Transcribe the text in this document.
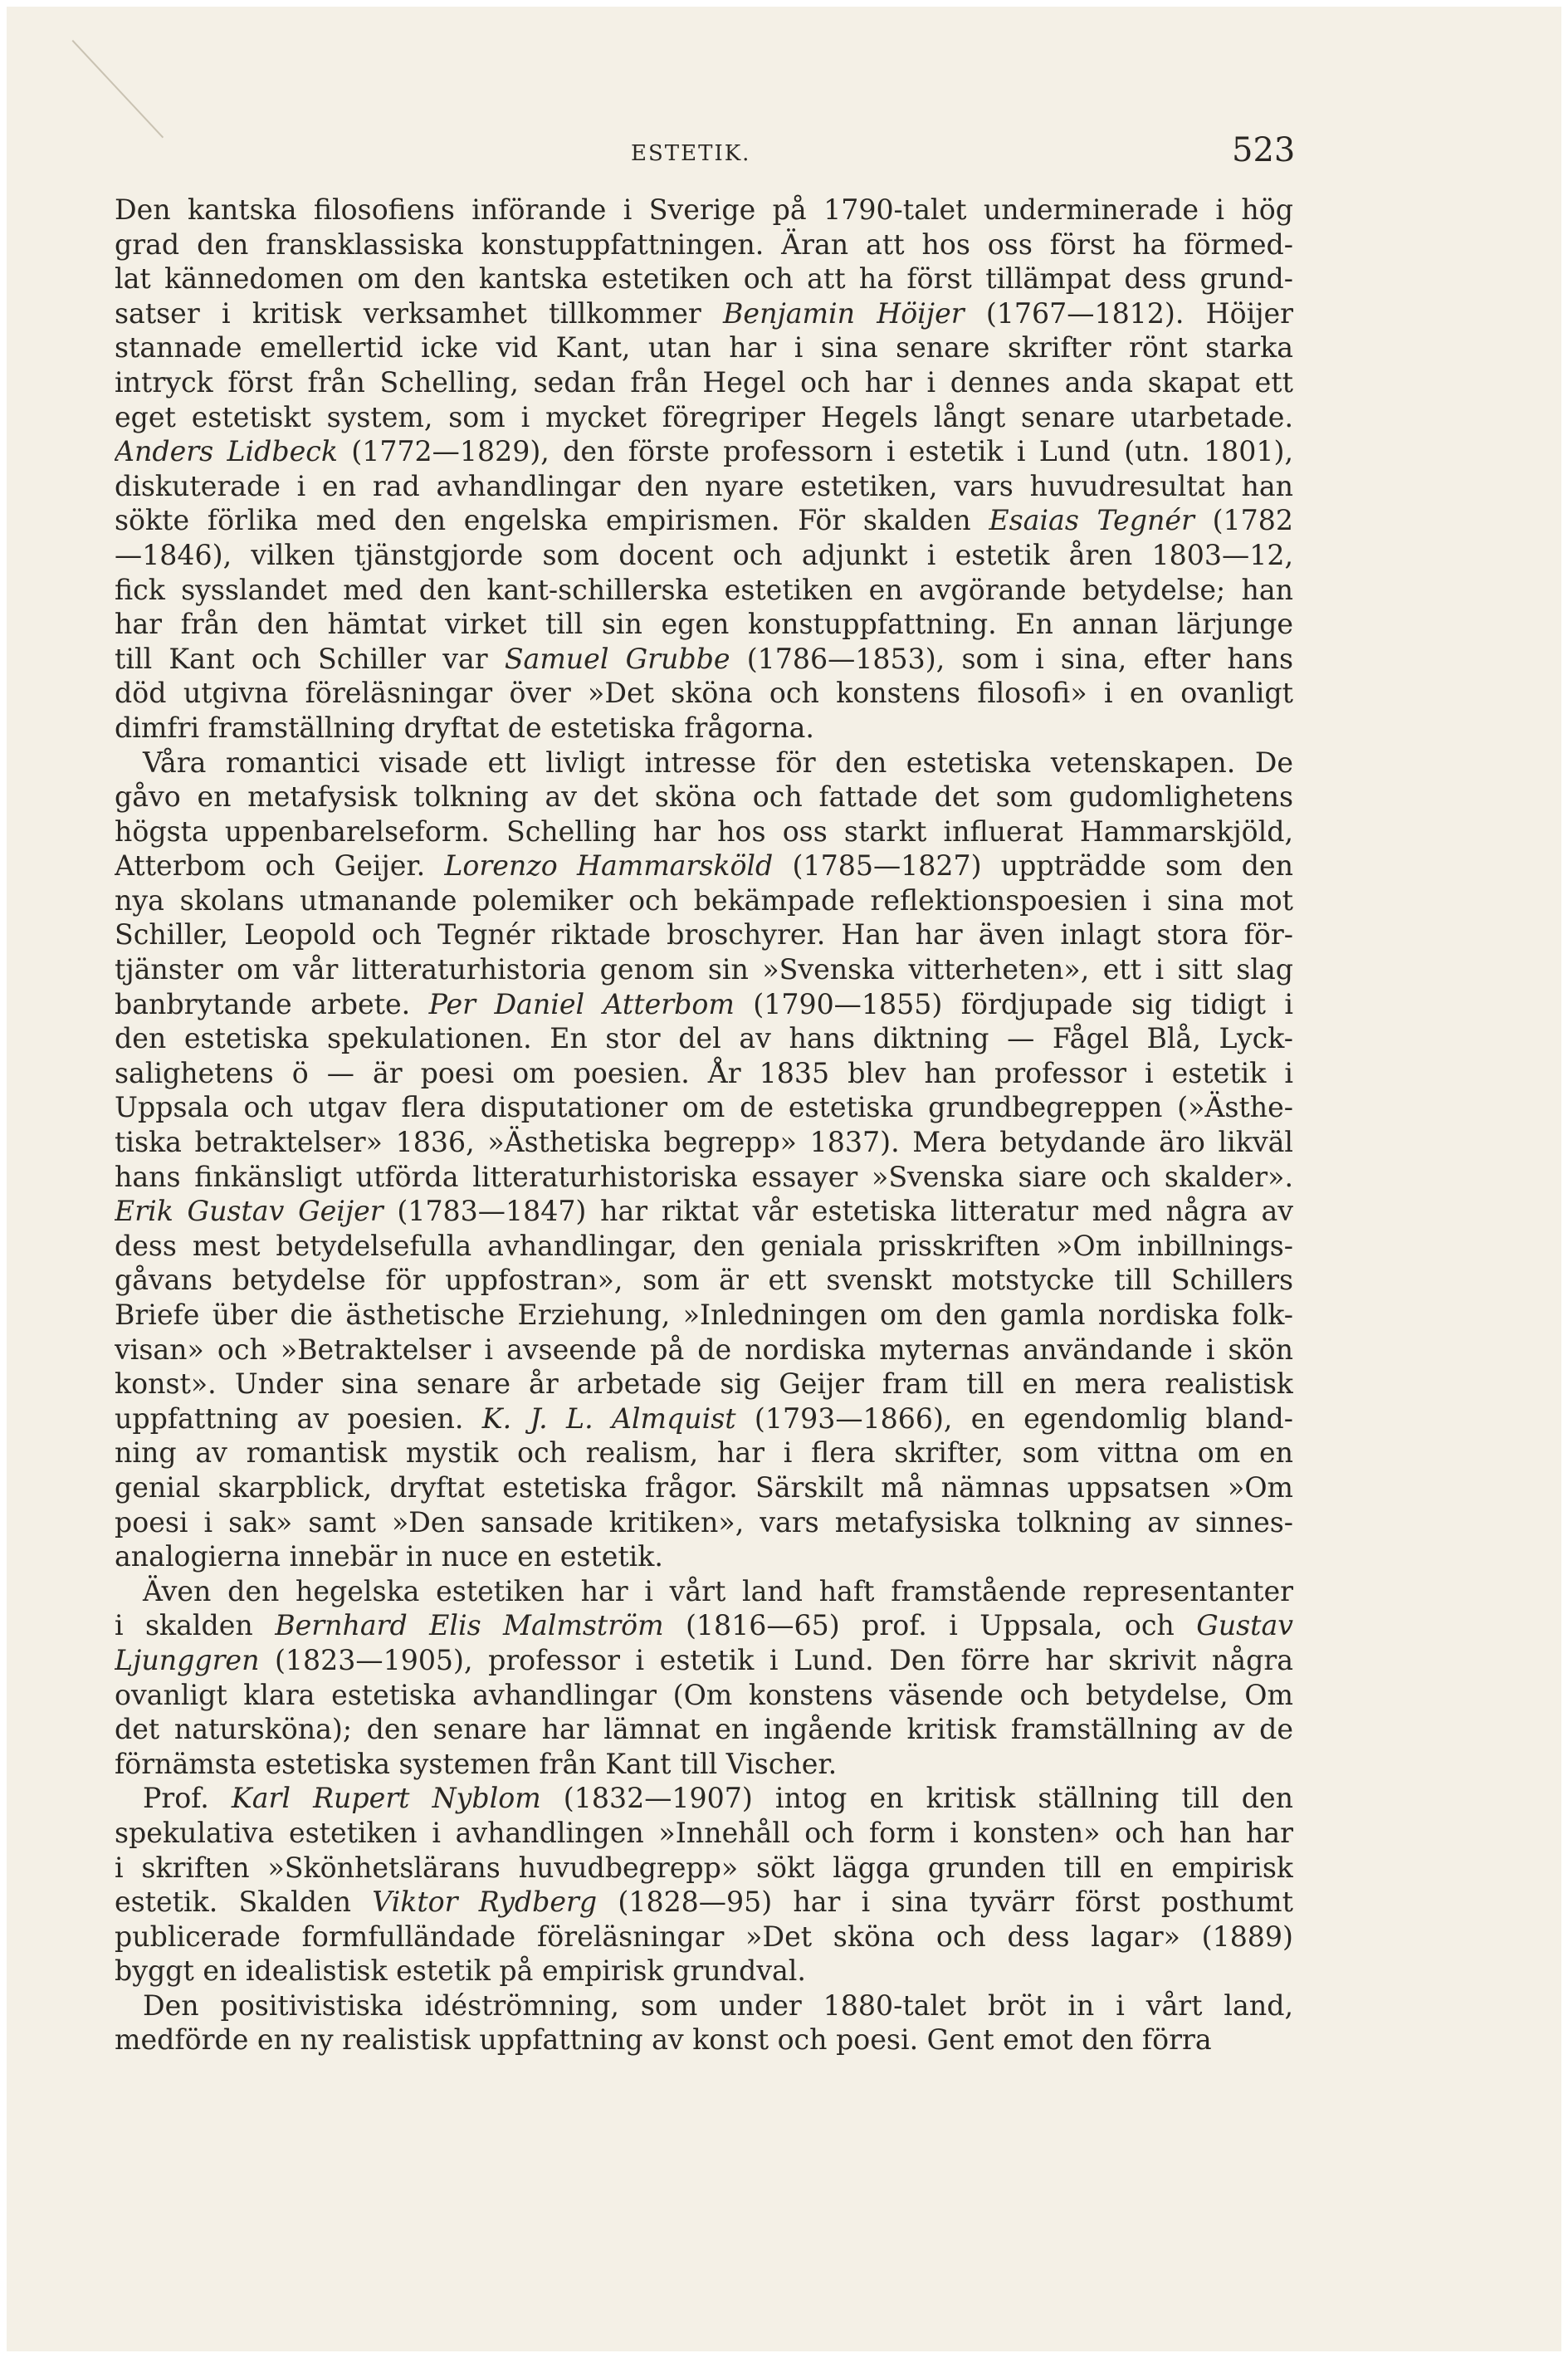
ESTETIK.	523
Den kantska filosofiens införande i Sverige på 1790-talet underminerade i hög
grad den fransklassiska konstuppfattningen. Äran att hos oss först ha förmed-
lat kännedomen om den kantska estetiken och att ha först tillämpat dess grund-
satser i kritisk verksamhet tillkommer Benjamin Höijer (1767—1812). Höijer
stannade emellertid icke vid Kant, utan har i sina senare skrifter rönt starka
intryck först från Schelling, sedan från Hegel och har i dennes anda skapat ett
eget estetiskt system, som i mycket föregriper Hegels långt senare utarbetade.
Anders Lidbeck (1772—1829), den förste professorn i estetik i Lund (utn. 1801),
diskuterade i en rad avhandlingar den nyare estetiken, vars huvudresultat han
sökte förlika med den engelska empirismen. För skalden Esaias Tegnér (1782
—1846), vilken tjänstgjorde som docent och adjunkt i estetik åren 1803—12,
fick sysslandet med den kant-schillerska estetiken en avgörande betydelse; han
har från den hämtat virket till sin egen konstuppfattning. En annan lärjunge
till Kant och Schiller var Samuel Grubbe (1786—1853), som i sina, efter hans
död utgivna föreläsningar över »Det sköna och konstens filosofi» i en ovanligt
dimfri framställning dryftat de estetiska frågorna.
Våra romantici visade ett livligt intresse för den estetiska vetenskapen. De
gåvo en metafysisk tolkning av det sköna och fattade det som gudomlighetens
högsta uppenbarelseform. Schelling har hos oss starkt influerat Hammarskjöld,
Atterbom och Geijer. Lorenzo Hammarsköld (1785—1827) uppträdde som den
nya skolans utmanande polemiker och bekämpade reflektionspoesien i sina mot
Schiller, Leopold och Tegnér riktade broschyrer. Han har även inlagt stora för-
tjänster om vår litteraturhistoria genom sin »Svenska vitterheten», ett i sitt slag
banbrytande arbete. Per Daniel Atterbom (1790—1855) fördjupade sig tidigt i
den estetiska spekulationen. En stor del av hans diktning — Fågel Blå, Lyck-
salighetens ö — är poesi om poesien. År 1835 blev han professor i estetik i
Uppsala och utgav flera disputationer om de estetiska grundbegreppen (»Ästhe-
tiska betraktelser» 1836, »Ästhetiska begrepp» 1837). Mera betydande äro likväl
hans finkänsligt utförda litteraturhistoriska essayer »Svenska siare och skalder».
Erik Gustav Geijer (1783—1847) har riktat vår estetiska litteratur med några av
dess mest betydelsefulla avhandlingar, den geniala prisskriften »Om inbillnings-
gåvans betydelse för uppfostran», som är ett svenskt motstycke till Schillers
Briefe über die ästhetische Erziehung, »Inledningen om den gamla nordiska folk-
visan» och »Betraktelser i avseende på de nordiska myternas användande i skön
konst». Under sina senare år arbetade sig Geijer fram till en mera realistisk
uppfattning av poesien. K. J. L. Almquist (1793—1866), en egendomlig bland-
ning av romantisk mystik och realism, har i flera skrifter, som vittna om en
genial skarpblick, dryftat estetiska frågor. Särskilt må nämnas uppsatsen »Om
poesi i sak» samt »Den sansade kritiken», vars metafysiska tolkning av sinnes-
analogierna innebär in nuce en estetik.
Även den hegelska estetiken har i vårt land haft framstående representanter
i skalden Bernhard Elis Malmström (1816—65) prof. i Uppsala, och Gustav
Ljunggren (1823—1905), professor i estetik i Lund. Den förre har skrivit några
ovanligt klara estetiska avhandlingar (Om konstens väsende och betydelse, Om
det natursköna); den senare har lämnat en ingående kritisk framställning av de
förnämsta estetiska systemen från Kant till Vischer.
Prof. Karl Rupert Nyblom (1832—1907) intog en kritisk ställning till den
spekulativa estetiken i avhandlingen »Innehåll och form i konsten» och han har
i skriften »Skönhetslärans huvudbegrepp» sökt lägga grunden till en empirisk
estetik. Skalden Viktor Rydberg (1828—95) har i sina tyvärr först posthumt
publicerade formfulländade föreläsningar »Det sköna och dess lagar» (1889)
byggt en idealistisk estetik på empirisk grundval.
Den positivistiska idéströmning, som under 1880-talet bröt in i vårt land,
medförde en ny realistisk uppfattning av konst och poesi. Gent emot den förra
